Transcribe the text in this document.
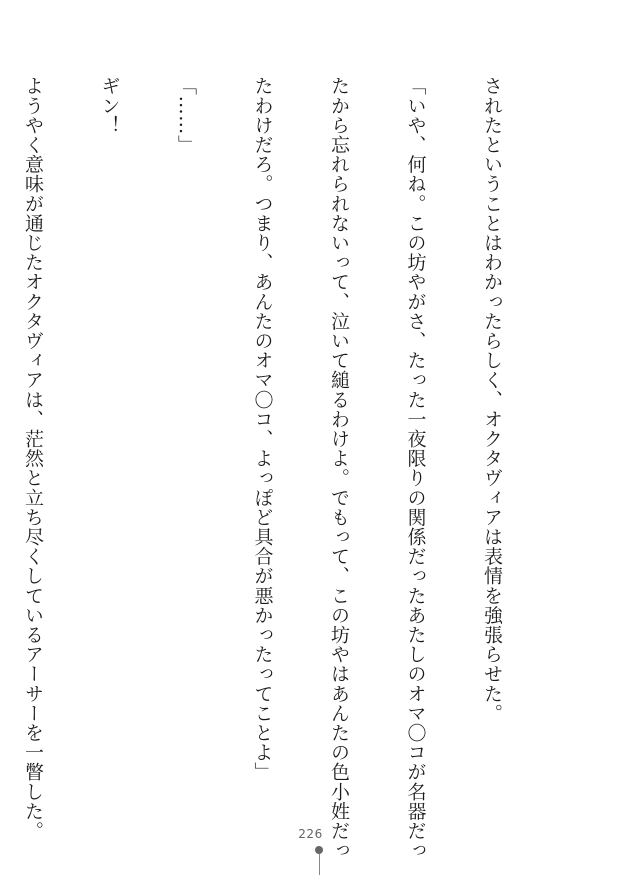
されたということはわかったらしく、オクタヴィアは表情を強張らせた。

「いや、何ね。この坊やがさ、たった一夜限りの関係だったあたしのオマ〇コが名器だっ

たから忘れられないって、泣いて縋るわけよ。でもって、この坊やはあんたの色小姓だっ

たわけだろ。つまり、あんたのオマ〇コ、よっぽど具合が悪かったってことよ」

「……」

ギン！

ようやく意味が通じたオクタヴィアは、茫然と立ち尽くしているアーサーを一瞥した。

	226
